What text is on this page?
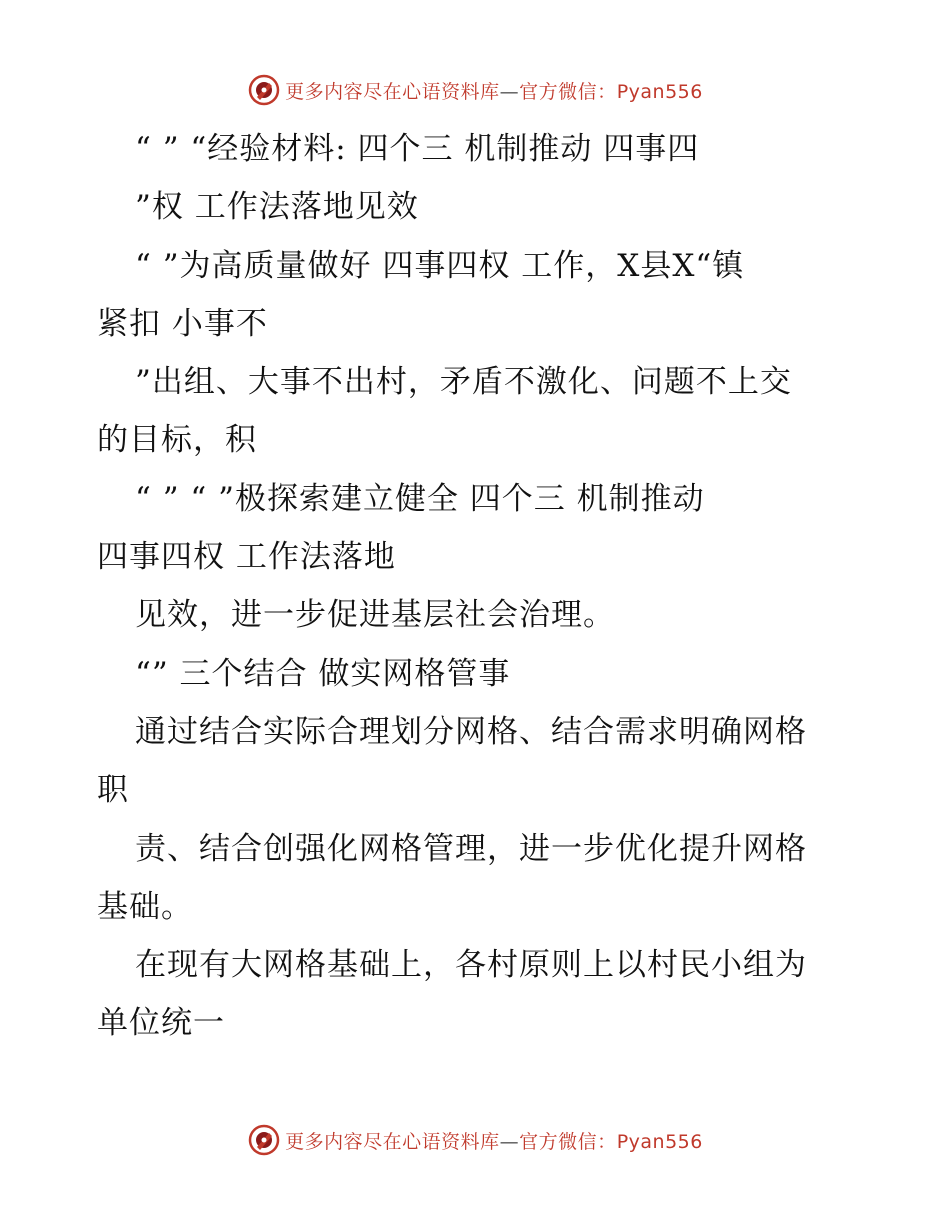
更多内容尽在心语资料库—官方微信：Pyan556
“ ” “经验材料: 四个三 机制推动 四事四
”权 工作法落地见效
“ ”为高质量做好 四事四权 工作，X县X“镇
紧扣 小事不
”出组、大事不出村，矛盾不激化、问题不上交
的目标，积
“ ” “ ”极探索建立健全 四个三 机制推动
四事四权 工作法落地
见效，进一步促进基层社会治理。
“” 三个结合 做实网格管事
通过结合实际合理划分网格、结合需求明确网格
职
责、结合创强化网格管理，进一步优化提升网格
基础。
在现有大网格基础上，各村原则上以村民小组为
单位统一
更多内容尽在心语资料库—官方微信：Pyan556
